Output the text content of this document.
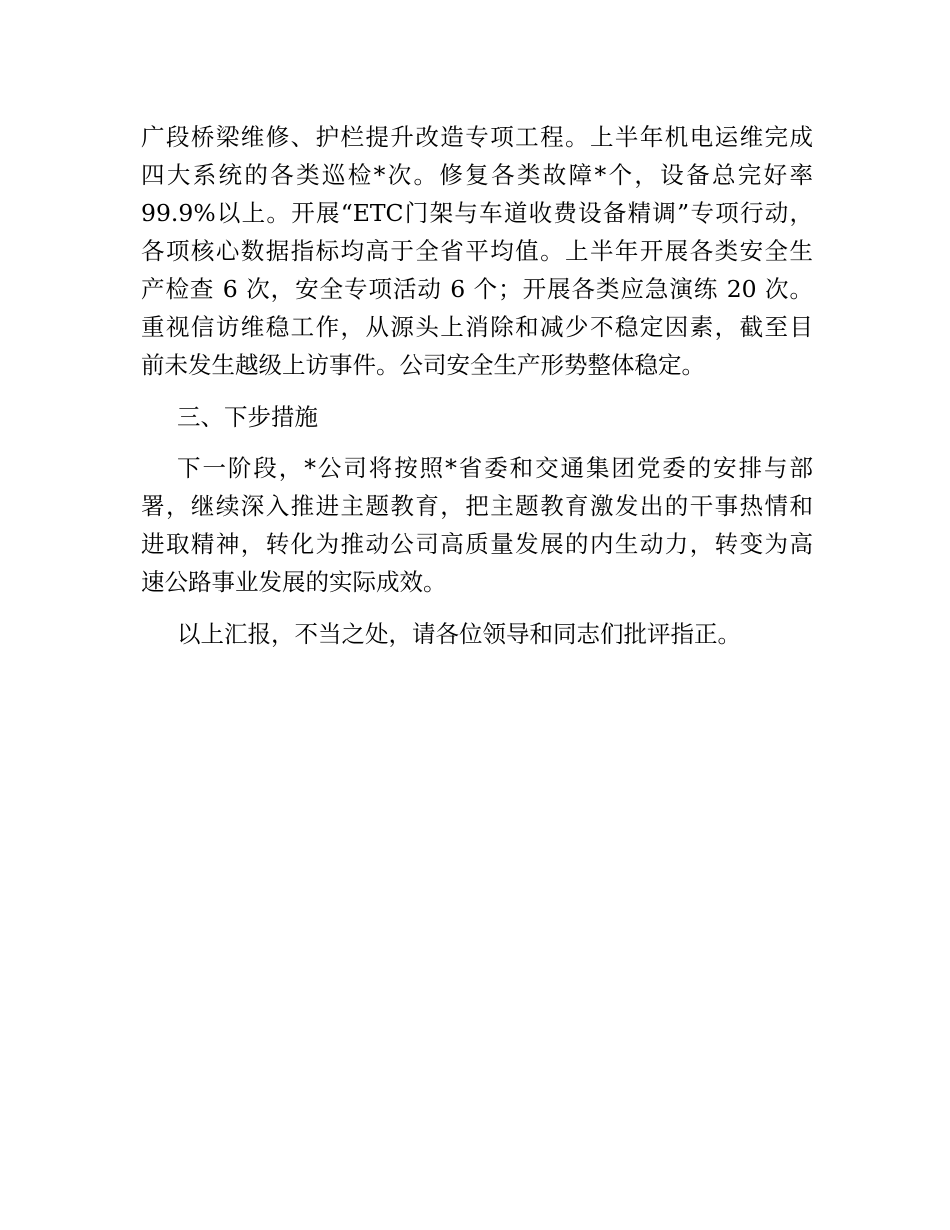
广段桥梁维修、护栏提升改造专项工程。上半年机电运维完成
四大系统的各类巡检*次。修复各类故障*个，设备总完好率
99.9%以上。开展“ETC门架与车道收费设备精调”专项行动，
各项核心数据指标均高于全省平均值。上半年开展各类安全生
产检查 6 次，安全专项活动 6 个；开展各类应急演练 20 次。
重视信访维稳工作，从源头上消除和减少不稳定因素，截至目
前未发生越级上访事件。公司安全生产形势整体稳定。
三、下步措施
下一阶段，*公司将按照*省委和交通集团党委的安排与部
署，继续深入推进主题教育，把主题教育激发出的干事热情和
进取精神，转化为推动公司高质量发展的内生动力，转变为高
速公路事业发展的实际成效。
以上汇报，不当之处，请各位领导和同志们批评指正。
